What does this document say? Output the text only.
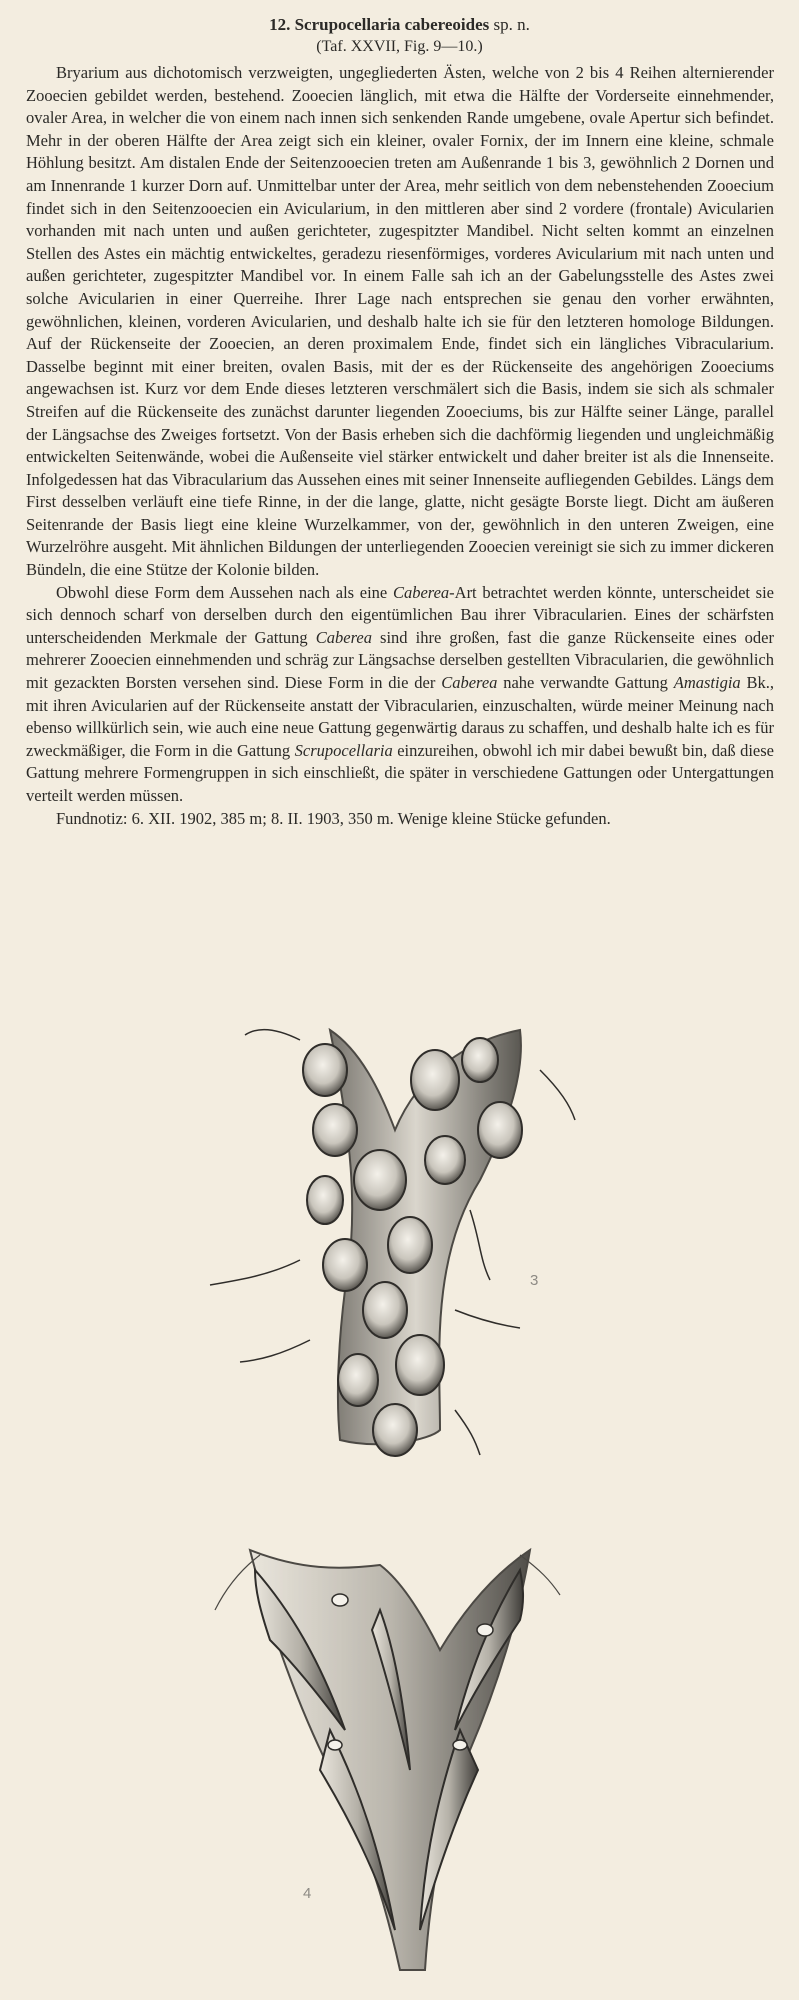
12. Scrupocellaria cabereoides sp. n.
(Taf. XXVII, Fig. 9—10.)

Bryarium aus dichotomisch verzweigten, ungegliederten Ästen, welche von 2 bis 4 Reihen alternierender Zooecien gebildet werden, bestehend. Zooecien länglich, mit etwa die Hälfte der Vorderseite einnehmender, ovaler Area, in welcher die von einem nach innen sich senkenden Rande umgebene, ovale Apertur sich befindet. Mehr in der oberen Hälfte der Area zeigt sich ein kleiner, ovaler Fornix, der im Innern eine kleine, schmale Höhlung besitzt. Am distalen Ende der Seitenzooecien treten am Außenrande 1 bis 3, gewöhnlich 2 Dornen und am Innenrande 1 kurzer Dorn auf. Unmittelbar unter der Area, mehr seitlich von dem nebenstehenden Zooecium findet sich in den Seitenzooecien ein Avicularium, in den mittleren aber sind 2 vordere (frontale) Avicularien vorhanden mit nach unten und außen gerichteter, zugespitzter Mandibel. Nicht selten kommt an einzelnen Stellen des Astes ein mächtig entwickeltes, geradezu riesenförmiges, vorderes Avicularium mit nach unten und außen gerichteter, zugespitzter Mandibel vor. In einem Falle sah ich an der Gabelungsstelle des Astes zwei solche Avicularien in einer Querreihe. Ihrer Lage nach entsprechen sie genau den vorher erwähnten, gewöhnlichen, kleinen, vorderen Avicularien, und deshalb halte ich sie für den letzteren homologe Bildungen. Auf der Rückenseite der Zooecien, an deren proximalem Ende, findet sich ein längliches Vibracularium. Dasselbe beginnt mit einer breiten, ovalen Basis, mit der es der Rückenseite des angehörigen Zooeciums angewachsen ist. Kurz vor dem Ende dieses letzteren verschmälert sich die Basis, indem sie sich als schmaler Streifen auf die Rückenseite des zunächst darunter liegenden Zooeciums, bis zur Hälfte seiner Länge, parallel der Längsachse des Zweiges fortsetzt. Von der Basis erheben sich die dachförmig liegenden und ungleichmäßig entwickelten Seitenwände, wobei die Außenseite viel stärker entwickelt und daher breiter ist als die Innenseite. Infolgedessen hat das Vibracularium das Aussehen eines mit seiner Innenseite aufliegenden Gebildes. Längs dem First desselben verläuft eine tiefe Rinne, in der die lange, glatte, nicht gesägte Borste liegt. Dicht am äußeren Seitenrande der Basis liegt eine kleine Wurzelkammer, von der, gewöhnlich in den unteren Zweigen, eine Wurzelröhre ausgeht. Mit ähnlichen Bildungen der unterliegenden Zooecien vereinigt sie sich zu immer dickeren Bündeln, die eine Stütze der Kolonie bilden.

Obwohl diese Form dem Aussehen nach als eine Caberea-Art betrachtet werden könnte, unterscheidet sie sich dennoch scharf von derselben durch den eigentümlichen Bau ihrer Vibracularien. Eines der schärfsten unterscheidenden Merkmale der Gattung Caberea sind ihre großen, fast die ganze Rückenseite eines oder mehrerer Zooecien einnehmenden und schräg zur Längsachse derselben gestellten Vibracularien, die gewöhnlich mit gezackten Borsten versehen sind. Diese Form in die der Caberea nahe verwandte Gattung Amastigia Bk., mit ihren Avicularien auf der Rückenseite anstatt der Vibracularien, einzuschalten, würde meiner Meinung nach ebenso willkürlich sein, wie auch eine neue Gattung gegenwärtig daraus zu schaffen, und deshalb halte ich es für zweckmäßiger, die Form in die Gattung Scrupocellaria einzureihen, obwohl ich mir dabei bewußt bin, daß diese Gattung mehrere Formengruppen in sich einschließt, die später in verschiedene Gattungen oder Untergattungen verteilt werden müssen.

Fundnotiz: 6. XII. 1902, 385 m; 8. II. 1903, 350 m. Wenige kleine Stücke gefunden.

3
4
